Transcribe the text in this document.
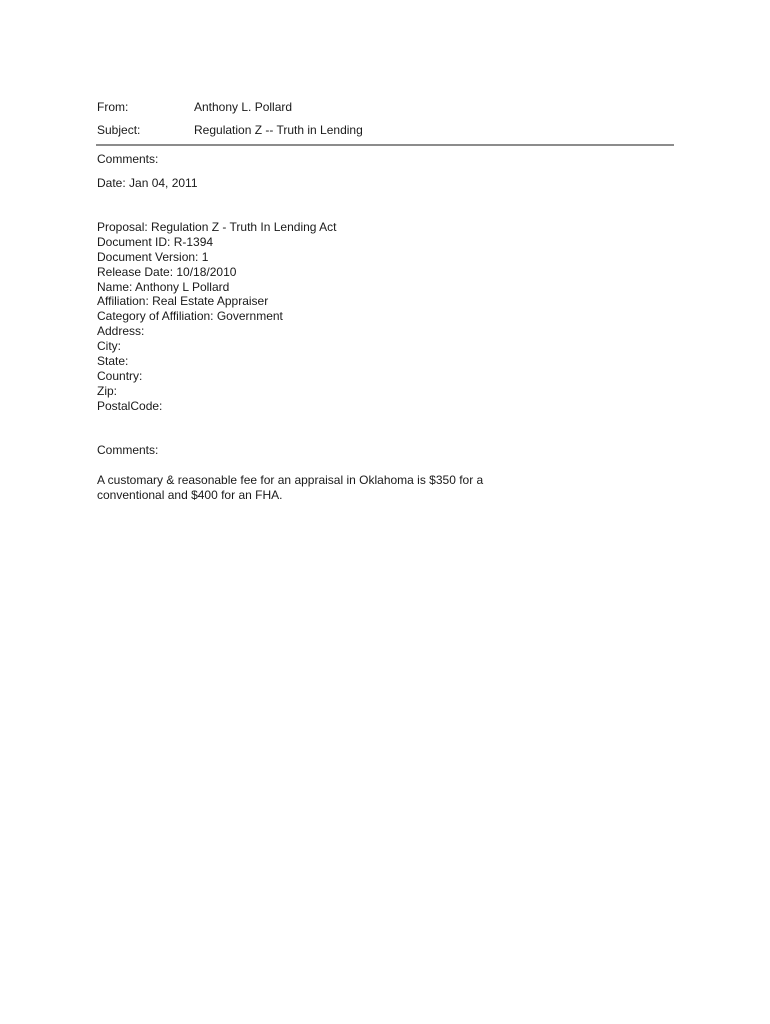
From:	Anthony L. Pollard
Subject:	Regulation Z -- Truth in Lending
Comments:
Date: Jan 04, 2011
Proposal: Regulation Z - Truth In Lending Act
Document ID: R-1394
Document Version: 1
Release Date: 10/18/2010
Name: Anthony L Pollard
Affiliation: Real Estate Appraiser
Category of Affiliation: Government
Address:
City:
State:
Country:
Zip:
PostalCode:
Comments:
A customary & reasonable fee for an appraisal in Oklahoma is $350 for a
conventional and $400 for an FHA.
